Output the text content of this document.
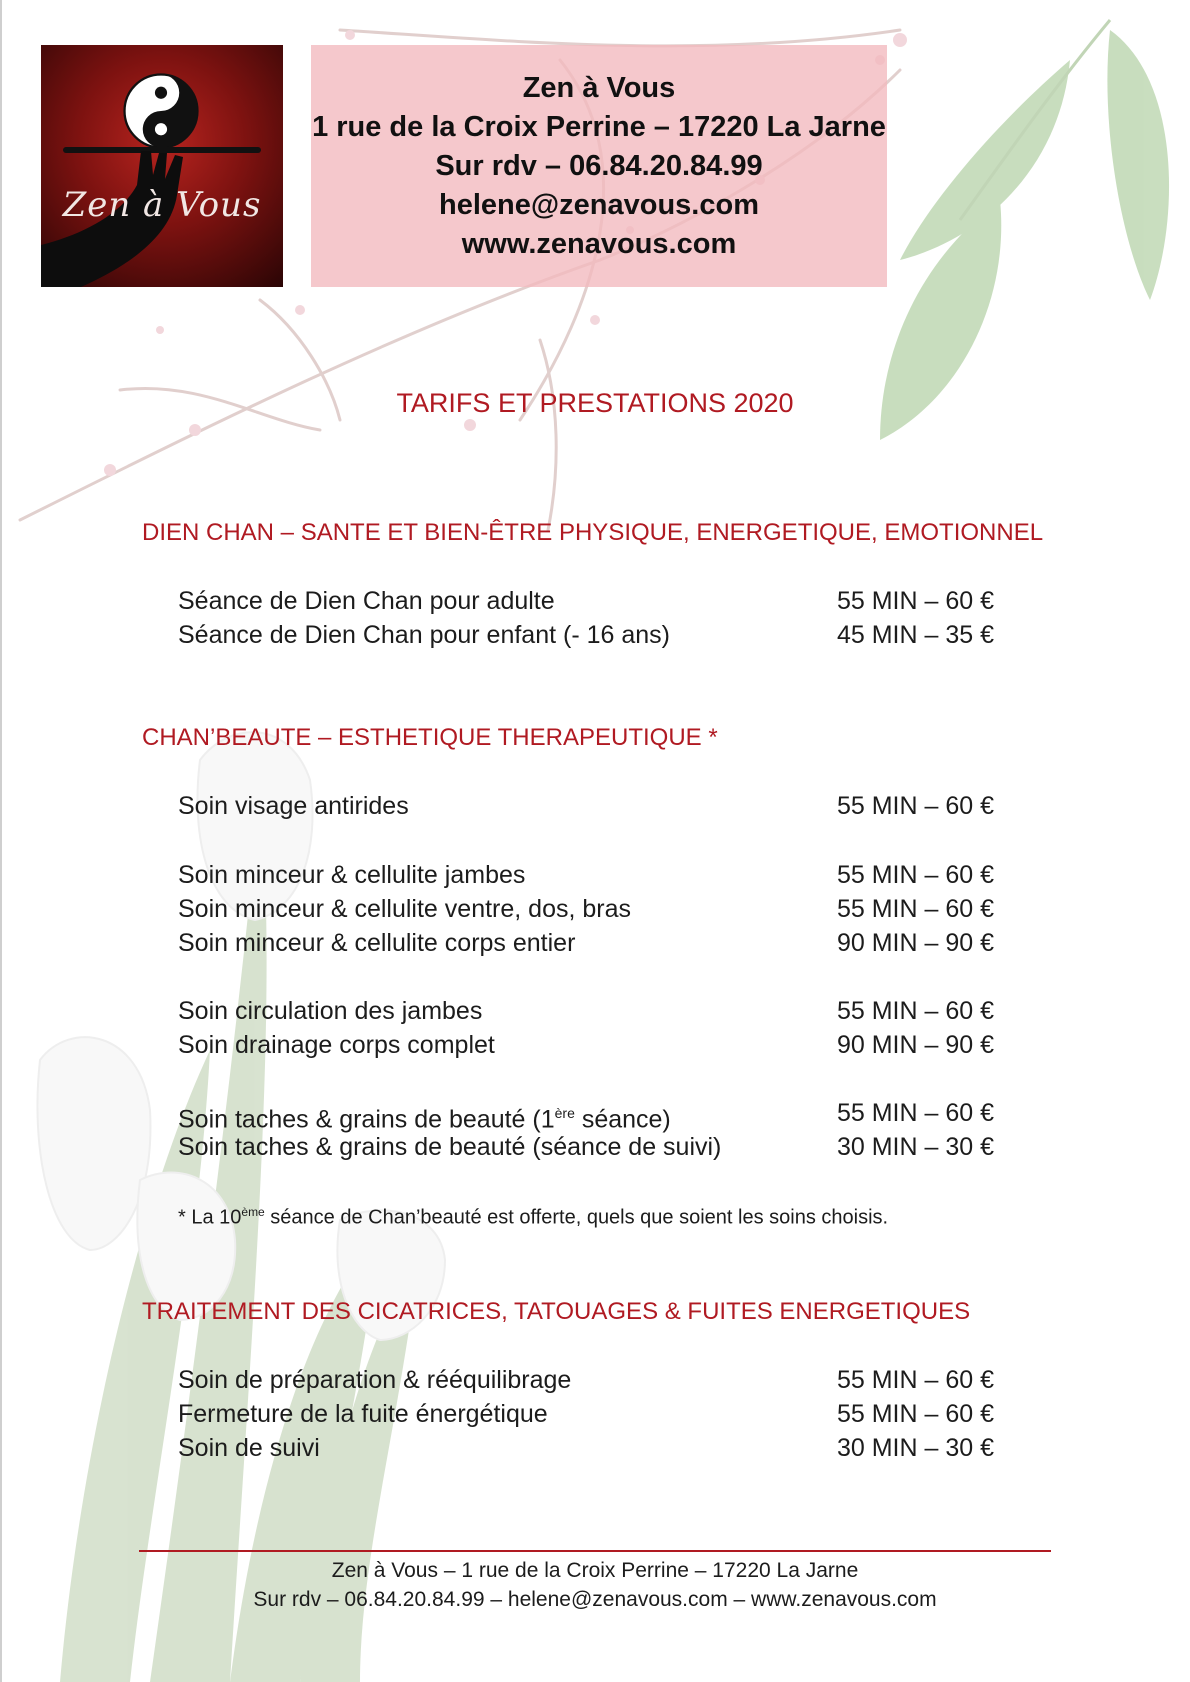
Zen à Vous
Zen à Vous
1 rue de la Croix Perrine – 17220 La Jarne
Sur rdv – 06.84.20.84.99
helene@zenavous.com
www.zenavous.com
TARIFS ET PRESTATIONS 2020
DIEN CHAN – SANTE ET BIEN-ÊTRE PHYSIQUE, ENERGETIQUE, EMOTIONNEL
Séance de Dien Chan pour adulte	55 MIN – 60 €
Séance de Dien Chan pour enfant (- 16 ans)	45 MIN – 35 €
CHAN’BEAUTE – ESTHETIQUE THERAPEUTIQUE *
Soin visage antirides	55 MIN – 60 €
Soin minceur & cellulite jambes	55 MIN – 60 €
Soin minceur & cellulite ventre, dos, bras	55 MIN – 60 €
Soin minceur & cellulite corps entier	90 MIN – 90 €
Soin circulation des jambes	55 MIN – 60 €
Soin drainage corps complet	90 MIN – 90 €
Soin taches & grains de beauté (1ère séance)	55 MIN – 60 €
Soin taches & grains de beauté (séance de suivi)	30 MIN – 30 €
* La 10ème séance de Chan’beauté est offerte, quels que soient les soins choisis.
TRAITEMENT DES CICATRICES, TATOUAGES & FUITES ENERGETIQUES
Soin de préparation & rééquilibrage	55 MIN – 60 €
Fermeture de la fuite énergétique	55 MIN – 60 €
Soin de suivi	30 MIN – 30 €
Zen à Vous – 1 rue de la Croix Perrine – 17220 La Jarne
Sur rdv – 06.84.20.84.99 – helene@zenavous.com – www.zenavous.com
